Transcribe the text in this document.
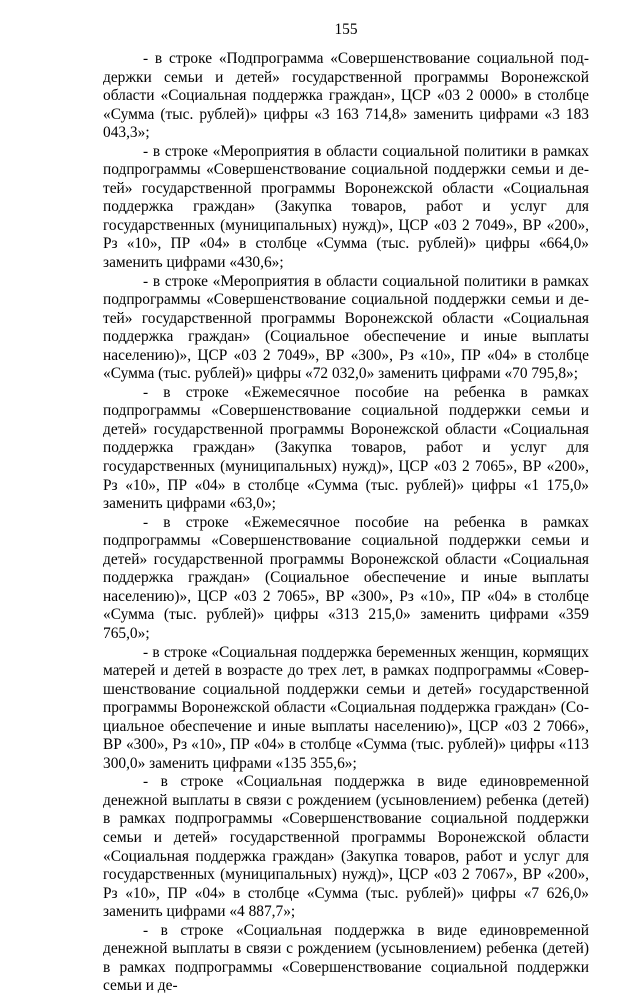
155

- в строке «Подпрограмма «Совершенствование социальной поддержки семьи и детей» государственной программы Воронежской области «Социальная поддержка граждан», ЦСР «03 2 0000» в столбце «Сумма (тыс. рублей)» цифры «3 163 714,8» заменить цифрами «3 183 043,3»;

- в строке «Мероприятия в области социальной политики в рамках подпрограммы «Совершенствование социальной поддержки семьи и детей» государственной программы Воронежской области «Социальная поддержка граждан» (Закупка товаров, работ и услуг для государственных (муниципальных) нужд)», ЦСР «03 2 7049», ВР «200», Рз «10», ПР «04» в столбце «Сумма (тыс. рублей)» цифры «664,0» заменить цифрами «430,6»;

- в строке «Мероприятия в области социальной политики в рамках подпрограммы «Совершенствование социальной поддержки семьи и детей» государственной программы Воронежской области «Социальная поддержка граждан» (Социальное обеспечение и иные выплаты населению)», ЦСР «03 2 7049», ВР «300», Рз «10», ПР «04» в столбце «Сумма (тыс. рублей)» цифры «72 032,0» заменить цифрами «70 795,8»;

- в строке «Ежемесячное пособие на ребенка в рамках подпрограммы «Совершенствование социальной поддержки семьи и детей» государственной программы Воронежской области «Социальная поддержка граждан» (Закупка товаров, работ и услуг для государственных (муниципальных) нужд)», ЦСР «03 2 7065», ВР «200», Рз «10», ПР «04» в столбце «Сумма (тыс. рублей)» цифры «1 175,0» заменить цифрами «63,0»;

- в строке «Ежемесячное пособие на ребенка в рамках подпрограммы «Совершенствование социальной поддержки семьи и детей» государственной программы Воронежской области «Социальная поддержка граждан» (Социальное обеспечение и иные выплаты населению)», ЦСР «03 2 7065», ВР «300», Рз «10», ПР «04» в столбце «Сумма (тыс. рублей)» цифры «313 215,0» заменить цифрами «359 765,0»;

- в строке «Социальная поддержка беременных женщин, кормящих матерей и детей в возрасте до трех лет, в рамках подпрограммы «Совершенствование социальной поддержки семьи и детей» государственной программы Воронежской области «Социальная поддержка граждан» (Социальное обеспечение и иные выплаты населению)», ЦСР «03 2 7066», ВР «300», Рз «10», ПР «04» в столбце «Сумма (тыс. рублей)» цифры «113 300,0» заменить цифрами «135 355,6»;

- в строке «Социальная поддержка в виде единовременной денежной выплаты в связи с рождением (усыновлением) ребенка (детей) в рамках подпрограммы «Совершенствование социальной поддержки семьи и детей» государственной программы Воронежской области «Социальная поддержка граждан» (Закупка товаров, работ и услуг для государственных (муниципальных) нужд)», ЦСР «03 2 7067», ВР «200», Рз «10», ПР «04» в столбце «Сумма (тыс. рублей)» цифры «7 626,0» заменить цифрами «4 887,7»;

- в строке «Социальная поддержка в виде единовременной денежной выплаты в связи с рождением (усыновлением) ребенка (детей) в рамках подпрограммы «Совершенствование социальной поддержки семьи и де-
